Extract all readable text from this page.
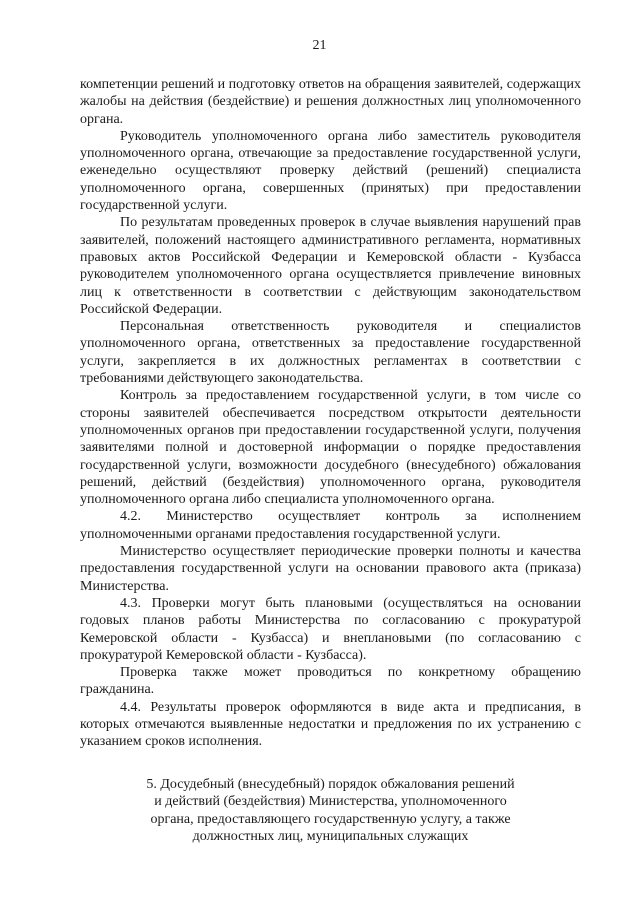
21

компетенции решений и подготовку ответов на обращения заявителей, содержащих жалобы на действия (бездействие) и решения должностных лиц уполномоченного органа.

Руководитель уполномоченного органа либо заместитель руководителя уполномоченного органа, отвечающие за предоставление государственной услуги, еженедельно осуществляют проверку действий (решений) специалиста уполномоченного органа, совершенных (принятых) при предоставлении государственной услуги.

По результатам проведенных проверок в случае выявления нарушений прав заявителей, положений настоящего административного регламента, нормативных правовых актов Российской Федерации и Кемеровской области - Кузбасса руководителем уполномоченного органа осуществляется привлечение виновных лиц к ответственности в соответствии с действующим законодательством Российской Федерации.

Персональная ответственность руководителя и специалистов уполномоченного органа, ответственных за предоставление государственной услуги, закрепляется в их должностных регламентах в соответствии с требованиями действующего законодательства.

Контроль за предоставлением государственной услуги, в том числе со стороны заявителей обеспечивается посредством открытости деятельности уполномоченных органов при предоставлении государственной услуги, получения заявителями полной и достоверной информации о порядке предоставления государственной услуги, возможности досудебного (внесудебного) обжалования решений, действий (бездействия) уполномоченного органа, руководителя уполномоченного органа либо специалиста уполномоченного органа.

4.2. Министерство осуществляет контроль за исполнением уполномоченными органами предоставления государственной услуги.

Министерство осуществляет периодические проверки полноты и качества предоставления государственной услуги на основании правового акта (приказа) Министерства.

4.3. Проверки могут быть плановыми (осуществляться на основании годовых планов работы Министерства по согласованию с прокуратурой Кемеровской области - Кузбасса) и внеплановыми (по согласованию с прокуратурой Кемеровской области - Кузбасса).

Проверка также может проводиться по конкретному обращению гражданина.

4.4. Результаты проверок оформляются в виде акта и предписания, в которых отмечаются выявленные недостатки и предложения по их устранению с указанием сроков исполнения.

5. Досудебный (внесудебный) порядок обжалования решений
и действий (бездействия) Министерства, уполномоченного
органа, предоставляющего государственную услугу, а также
должностных лиц, муниципальных служащих
